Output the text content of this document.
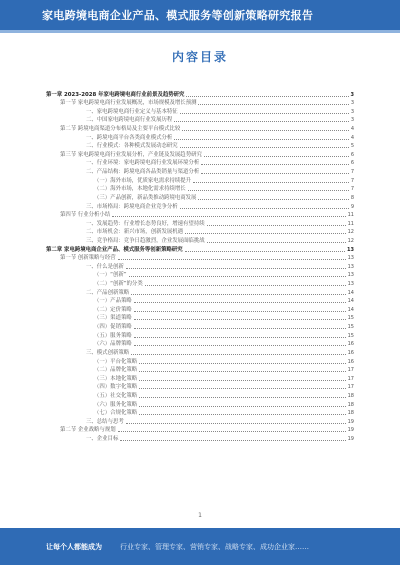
家电跨境电商企业产品、模式服务等创新策略研究报告
内容目录
第一章 2023-2028 年家电跨境电商行业前景及趋势研究	3
第一节 家电跨境电商行业发展概况，市场规模及增长预测	3
一、家电跨境电商行业定义与基本特征	3
二、中国家电跨境电商行业发展历程	3
第二节 跨境电商渠道分布格局及主要平台模式比较	4
一、跨境电商平台各类商业模式分析	4
二、行业模式：各种模式发展动态研究	5
第三节 家电跨境电商行业发展分析，产业链及发展趋势研究	6
一、行业环境：家电跨境电商行业发展环境分析	6
二、产品结构：跨境电商各品类销量与渠道分析	7
（一）海外市场，优质家电需求持续提升	7
（二）海外市场，本地化需求持续增长	7
（三）产品创新，新品类推动跨境电商发展	8
三、市场格局：跨境电商企业竞争分析	9
第四节 行业分析小结	11
一、发展趋势：行业增长态势良好，增速有望持续	11
二、市场机会：新兴市场，创新发展机遇	12
三、竞争格局：竞争日趋激烈，企业发展面临挑战	12
第二章 家电跨境电商企业产品、模式服务等创新策略研究	13
第一节 创新策略与经营	13
一、什么是创新	13
（一）“创新”	13
（二）“创新”的分类	13
二、产品创新策略	14
（一）产品策略	14
（二）定价策略	14
（三）渠道策略	15
（四）促销策略	15
（五）服务策略	15
（六）品牌策略	16
三、模式创新策略	16
（一）平台化策略	16
（二）品牌化策略	17
（三）本地化策略	17
（四）数字化策略	17
（五）社交化策略	18
（六）服务化策略	18
（七）合规化策略	18
三、总结与思考	19
第二节 企业战略与规划	19
一、企业目标	19
1
让每个人都能成为	行业专家、管理专家、营销专家、战略专家、成功企业家……
